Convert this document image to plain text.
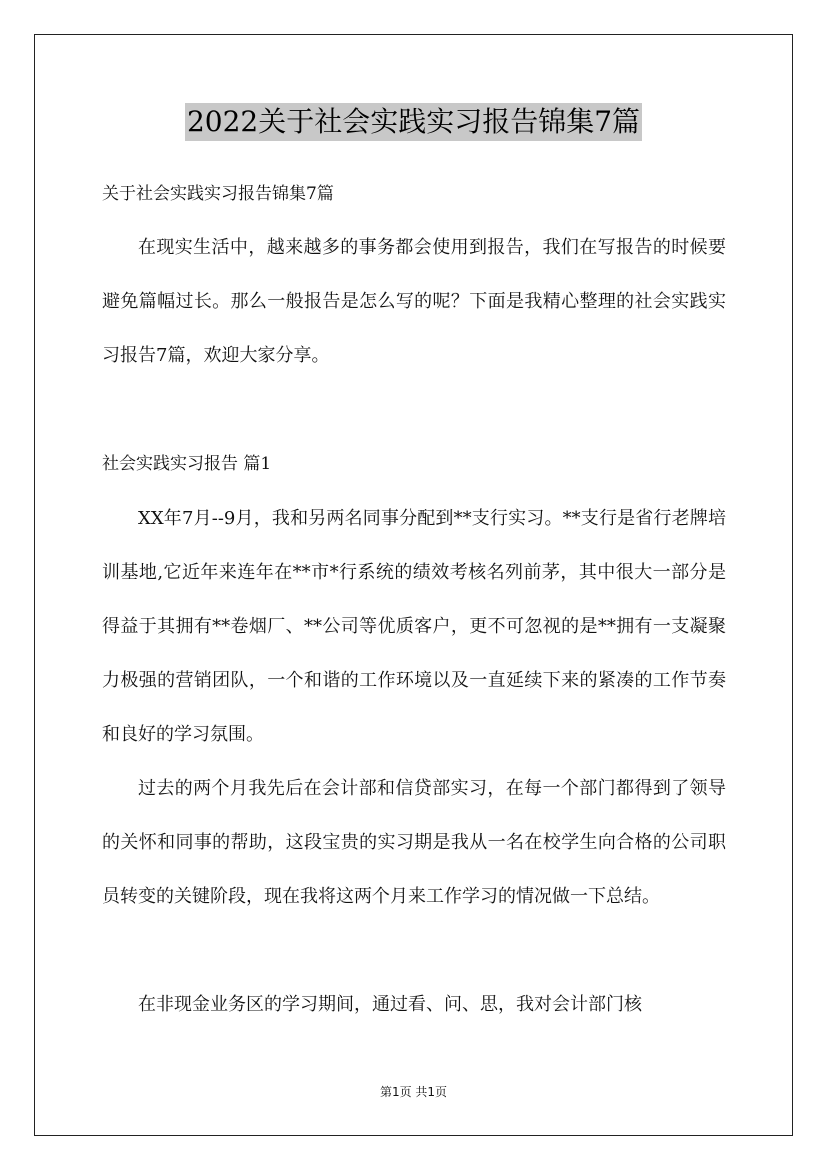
2022关于社会实践实习报告锦集7篇
关于社会实践实习报告锦集7篇

在现实生活中，越来越多的事务都会使用到报告，我们在写报告的时候要避免篇幅过长。那么一般报告是怎么写的呢？下面是我精心整理的社会实践实习报告7篇，欢迎大家分享。

社会实践实习报告 篇1

XX年7月--9月，我和另两名同事分配到**支行实习。**支行是省行老牌培训基地,它近年来连年在**市*行系统的绩效考核名列前茅，其中很大一部分是得益于其拥有**卷烟厂、**公司等优质客户，更不可忽视的是**拥有一支凝聚力极强的营销团队，一个和谐的工作环境以及一直延续下来的紧凑的工作节奏和良好的学习氛围。

过去的两个月我先后在会计部和信贷部实习，在每一个部门都得到了领导的关怀和同事的帮助，这段宝贵的实习期是我从一名在校学生向合格的公司职员转变的关键阶段，现在我将这两个月来工作学习的情况做一下总结。

在非现金业务区的学习期间，通过看、问、思，我对会计部门核

第1页 共1页
